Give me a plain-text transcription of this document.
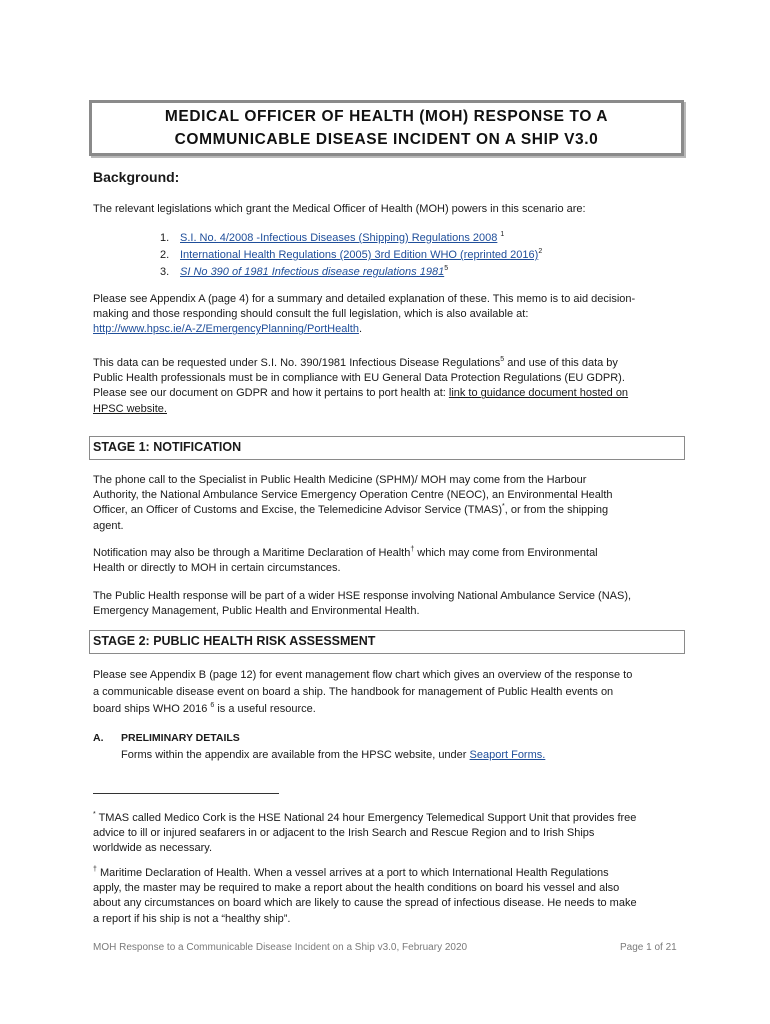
MEDICAL OFFICER OF HEALTH (MOH) RESPONSE TO A
COMMUNICABLE DISEASE INCIDENT ON A SHIP V3.0
Background:
The relevant legislations which grant the Medical Officer of Health (MOH) powers in this scenario are:
1. S.I. No. 4/2008 -Infectious Diseases (Shipping) Regulations 2008 $^1$
2. International Health Regulations (2005) 3rd Edition WHO (reprinted 2016)$^2$
3. SI No 390 of 1981 Infectious disease regulations 1981$^5$
Please see Appendix A (page 4) for a summary and detailed explanation of these. This memo is to aid decision-
making and those responding should consult the full legislation, which is also available at:
http://www.hpsc.ie/A-Z/EmergencyPlanning/PortHealth.
This data can be requested under S.I. No. 390/1981 Infectious Disease Regulations$^5$ and use of this data by
Public Health professionals must be in compliance with EU General Data Protection Regulations (EU GDPR).
Please see our document on GDPR and how it pertains to port health at: link to guidance document hosted on
HPSC website.
STAGE 1: NOTIFICATION
The phone call to the Specialist in Public Health Medicine (SPHM)/ MOH may come from the Harbour
Authority, the National Ambulance Service Emergency Operation Centre (NEOC), an Environmental Health
Officer, an Officer of Customs and Excise, the Telemedicine Advisor Service (TMAS)*, or from the shipping
agent.
Notification may also be through a Maritime Declaration of Health† which may come from Environmental
Health or directly to MOH in certain circumstances.
The Public Health response will be part of a wider HSE response involving National Ambulance Service (NAS),
Emergency Management, Public Health and Environmental Health.
STAGE 2: PUBLIC HEALTH RISK ASSESSMENT
Please see Appendix B (page 12) for event management flow chart which gives an overview of the response to
a communicable disease event on board a ship. The handbook for management of Public Health events on
board ships WHO 2016 $^6$ is a useful resource.
A. PRELIMINARY DETAILS
Forms within the appendix are available from the HPSC website, under Seaport Forms.
* TMAS called Medico Cork is the HSE National 24 hour Emergency Telemedical Support Unit that provides free
advice to ill or injured seafarers in or adjacent to the Irish Search and Rescue Region and to Irish Ships
worldwide as necessary.
† Maritime Declaration of Health. When a vessel arrives at a port to which International Health Regulations
apply, the master may be required to make a report about the health conditions on board his vessel and also
about any circumstances on board which are likely to cause the spread of infectious disease. He needs to make
a report if his ship is not a “healthy ship”.
MOH Response to a Communicable Disease Incident on a Ship v3.0, February 2020	Page 1 of 21
